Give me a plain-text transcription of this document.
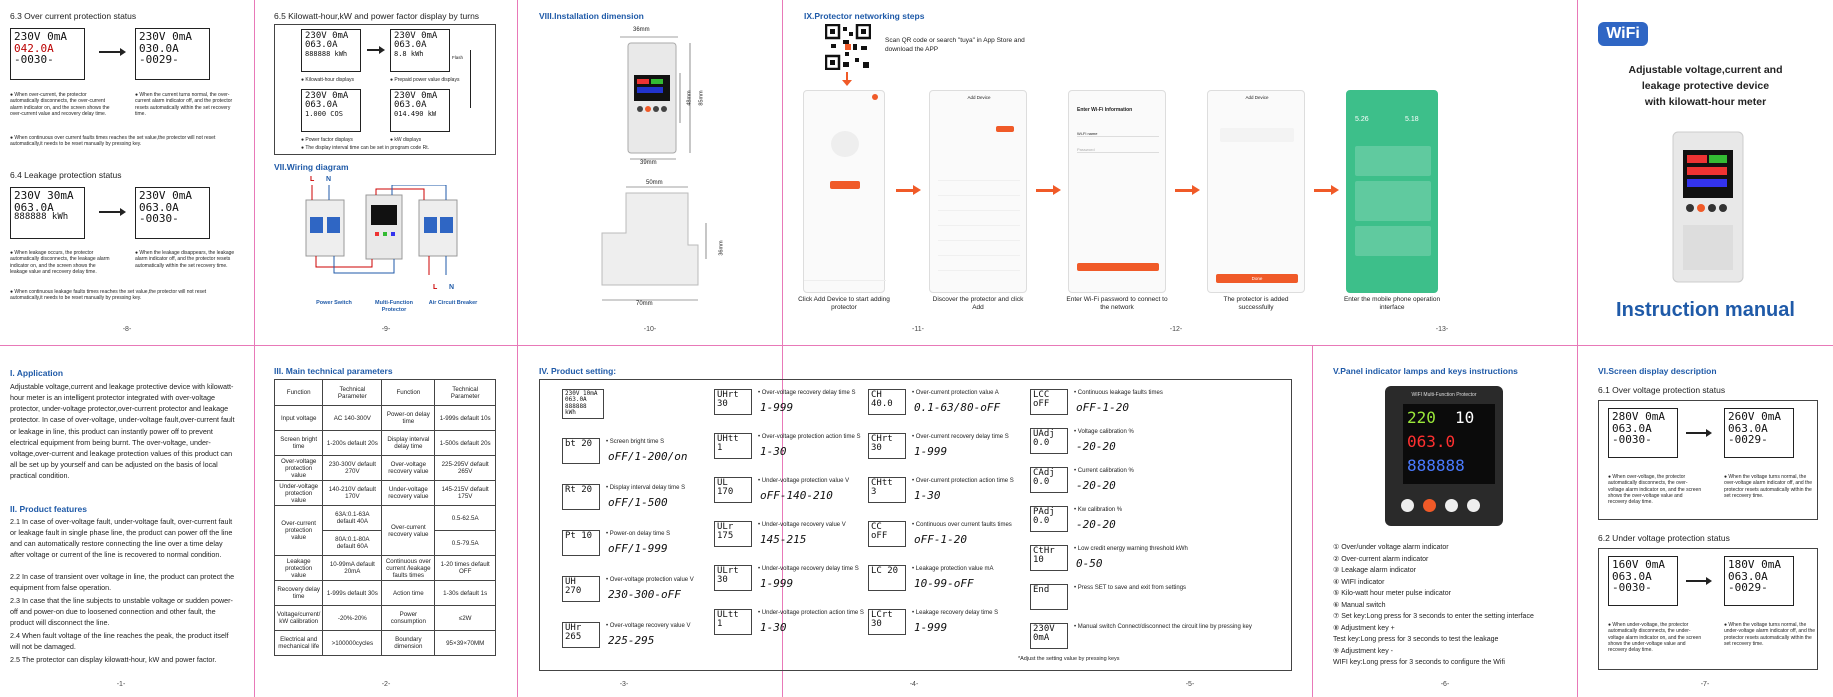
6.3 Over current protection status
230V 0mA
042.0A
-0030-
230V 0mA
030.0A
-0029-
● When over-current, the protector automatically disconnects, the over-current alarm indicator on, and the screen shows the over-current value and recovery delay time.
● When the current turns normal, the over-current alarm indicator off, and the protector resets automatically within the set recovery time.
● When continuous over current faults times reaches the set value,the protector will not reset automatically,it needs to be reset manually by pressing key.
6.4 Leakage protection status
230V 30mA
063.0A
888888 kWh
230V 0mA
063.0A
-0030-
● When leakage occurs, the protector automatically disconnects, the leakage alarm indicator on, and the screen shows the leakage value and recovery delay time.
● When the leakage disappears, the leakage alarm indicator off, and the protector resets automatically within the set recovery time.
● When continuous leakage faults times reaches the set value,the protector will not reset automatically,it needs to be reset manually by pressing key.
-8-
6.5 Kilowatt-hour,kW and power factor display by turns
230V 0mA
063.0A
888888 kWh
230V 0mA
063.0A
8.8 kWh	Flash
● Kilowatt-hour displays	● Prepaid power value displays
230V 0mA
063.0A
1.000 COS
230V 0mA
063.0A
014.490 kW
● Power factor displays	● kW displays
● The display interval time can be set in program code Rt.
VII.Wiring diagram
L N
L N
Power Switch	Multi-Function Protector
Air Circuit Breaker
-9-
VIII.Installation dimension
36mm
48mm 85mm
39mm
50mm
36mm
70mm
-10-
IX.Protector networking steps
Scan QR code or search "tuya" in App Store and download the APP
Click Add Device to start adding protector
Add Device
Discover the protector and click Add
Enter Wi-Fi Information
Wi-Fi name
Password
Enter Wi-Fi password to connect to the network
Add Device
Done
The protector is added successfully
5.26	5.18
Enter the mobile phone operation interface
-11-	-12-	-13-
WiFi
Adjustable voltage,current and
leakage protective device
with kilowatt-hour meter
Instruction manual
I. Application
Adjustable voltage,current and leakage protective device with kilowatt-hour meter is an intelligent protector integrated with over-voltage protector, under-voltage protector,over-current protector and leakage protector. In case of over-voltage, under-voltage fault,over-current fault or leakage in line, this product can instantly power off to prevent electrical equipment from being burnt. The over-voltage, under-voltage,over-current and leakage protection values of this product can all be set up by yourself and can be adjusted on the basis of local practical condition.
II. Product features
2.1 In case of over-voltage fault, under-voltage fault, over-current fault or leakage fault in single phase line, the product can power off the line and can automatically restore connecting the line over a time delay after voltage or current of the line is recovered to normal condition.
2.2 In case of transient over voltage in line, the product can protect the equipment from false operation.
2.3 In case that the line subjects to unstable voltage or sudden power-off and power-on due to loosened connection and other fault, the product will disconnect the line.
2.4 When fault voltage of the line reaches the peak, the product itself will not be damaged.
2.5 The protector can display kilowatt-hour, kW and power factor.
-1-
III. Main technical parameters
Function	Technical Parameter	Function	Technical Parameter
Input voltage	AC 140-300V	Power-on delay time	1-999s default 10s
Screen bright time	1-200s default 20s	Display interval delay time	1-500s default 20s
Over-voltage protection value	230-300V default 270V	Over-voltage recovery value	225-295V default 265V
Under-voltage protection value	140-210V default 170V	Under-voltage recovery value	145-215V default 175V
Over-current protection value	63A:0.1-63A default 40A	Over-current recovery value	0.5-62.5A
	80A:0.1-80A default 60A		0.5-79.5A
Leakage protection value	10-99mA default 20mA	Continuous over current /leakage faults times	1-20 times default OFF
Recovery delay time	1-999s default 30s	Action time	1-30s default 1s
Voltage/current/ kW calibration	-20%-20%	Power consumption	≤2W
Electrical and mechanical life	>100000cycles	Boundary dimension	95×39×70MM
-2-
IV. Product setting:
230V 10mA
063.0A
888888 kWh
bt 20	• Screen bright time S
oFF/1-200/on
Rt 20	• Display interval delay time S
oFF/1-500
Pt 10	• Power-on delay time S
oFF/1-999
UH 270
• Over-voltage protection value V
230-300-oFF
UHr 265
• Over-voltage recovery value V
225-295
UHrt 30
• Over-voltage recovery delay time S
1-999
UHtt 1
• Over-voltage protection action time S
1-30
UL 170
• Under-voltage protection value V
oFF-140-210
ULr 175
• Under-voltage recovery value V
145-215
ULrt 30
• Under-voltage recovery delay time S
1-999
ULtt 1
• Under-voltage protection action time S
1-30
CH 40.0
• Over-current protection value A
0.1-63/80-oFF
CHrt 30
• Over-current recovery delay time S
1-999
CHtt 3
• Over-current protection action time S
1-30
CC oFF
• Continuous over current faults times
oFF-1-20
LC 20	• Leakage protection value mA
10-99-oFF
LCrt 30
• Leakage recovery delay time S
1-999
LCC oFF
• Continuous leakage faults times
oFF-1-20
UAdj 0.0
• Voltage calibration %
-20-20
CAdj 0.0
• Current calibration %
-20-20
PAdj 0.0
• Kw calibration %
-20-20
CtHr 10
• Low credit energy warning threshold kWh
0-50
End	• Press SET to save and exit from settings
230V 0mA
• Manual switch Connect/disconnect the circuit line by pressing key
*Adjust the setting value by pressing keys
-3-	-4-	-5-
V.Panel indicator lamps and keys instructions
WIFI Multi-Function Protector
220 10
063.0
888888
① Over/under voltage alarm indicator
② Over-current alarm indicator
③ Leakage alarm indicator
④ WIFI indicator
⑤ Kilo-watt hour meter pulse indicator
⑥ Manual switch
⑦ Set key:Long press for 3 seconds to enter the setting interface
⑧ Adjustment key +
Test key:Long press for 3 seconds to test the leakage
⑨ Adjustment key -
WIFI key:Long press for 3 seconds to configure the Wifi
-6-
VI.Screen display description
6.1 Over voltage protection status
280V 0mA
063.0A
-0030-
260V 0mA
063.0A
-0029-
● When over-voltage, the protector automatically disconnects, the over-voltage alarm indicator on, and the screen shows the over-voltage value and recovery delay time.
● When the voltage turns normal, the over-voltage alarm indicator off, and the protector resets automatically within the set recovery time.
6.2 Under voltage protection status
160V 0mA
063.0A
-0030-
180V 0mA
063.0A
-0029-
● When under-voltage, the protector automatically disconnects, the under-voltage alarm indicator on, and the screen shows the under-voltage value and recovery delay time.
● When the voltage turns normal, the under-voltage alarm indicator off, and the protector resets automatically within the set recovery time.
-7-
